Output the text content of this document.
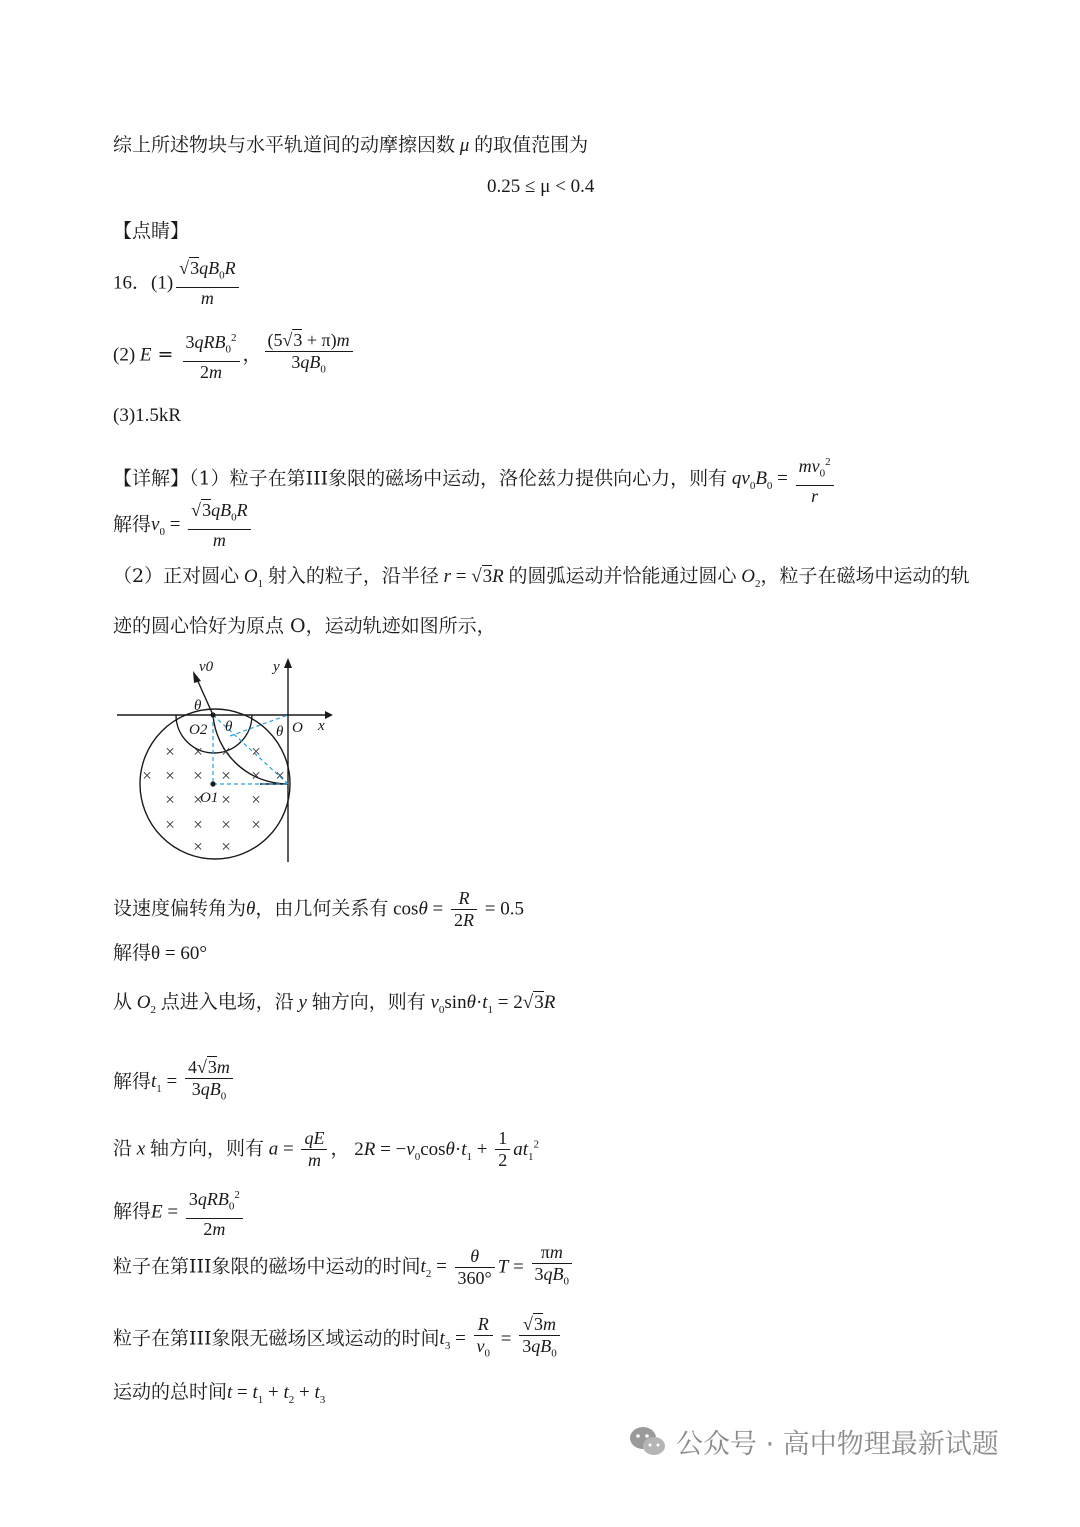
综上所述物块与水平轨道间的动摩擦因数 μ 的取值范围为
0.25 ≤ μ < 0.4
【点睛】
16．$(1) \frac{√3qB_0R}{m}$
(2) $E = \frac{3qRB_0^2}{2m}$ ， $\frac{(5√3 + \pi)m}{3qB_0}$
(3)1.5kR
【详解】（1）粒子在第III象限的磁场中运动，洛伦兹力提供向心力，则有 $qv_0B_0 = \frac{mv_0^2}{r}$
解得$v_0 = \frac{√3qB_0R}{m}$
（2）正对圆心 $O_1$ 射入的粒子，沿半径 r = √3R 的圆弧运动并恰能通过圆心 $O_2$，粒子在磁场中运动的轨
迹的圆心恰好为原点 O，运动轨迹如图所示，
× × × ×
× × × × × ×
× × × ×
× × × ×
× ×
v0	y
θ
θ	θ
O2	O x
O1
设速度偏转角为θ，由几何关系有 $\cos\theta = \frac{R}{2R} = 0.5$
解得θ = 60°
从 $O_2$ 点进入电场，沿 y 轴方向，则有 $v_0\sin\theta\cdot t_1 = 2√3R$
解得$t_1 = \frac{4√3m}{3qB_0}$
沿 x 轴方向，则有 $a = \frac{qE}{m}$ ， $2R = -v_0\cos\theta\cdot t_1 + \frac{1}{2} at_1^2$
解得$E = \frac{3qRB_0^2}{2m}$
粒子在第III象限的磁场中运动的时间$t_2 = \frac{\theta}{360^\circ}$ $T = \frac{\pi m}{3qB_0}$
粒子在第III象限无磁场区域运动的时间$t_3 = \frac{R}{v_0} = \frac{√3m}{3qB_0}$
运动的总时间$t = t_1 + t_2 + t_3$
公众号 · 高中物理最新试题
